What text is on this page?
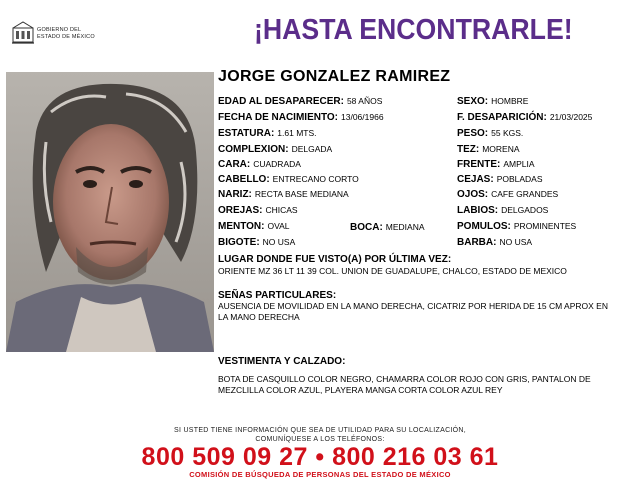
GOBIERNO DEL
ESTADO DE MÉXICO	¡HASTA ENCONTRARLE!
JORGE GONZALEZ RAMIREZ
EDAD AL DESAPARECER: 58 AÑOS
FECHA DE NACIMIENTO: 13/06/1966
ESTATURA: 1.61 MTS.
COMPLEXION: DELGADA
CARA: CUADRADA
CABELLO: ENTRECANO CORTO
NARIZ: RECTA BASE MEDIANA
OREJAS: CHICAS
MENTON: OVAL	BOCA: MEDIANA
BIGOTE: NO USA
SEXO: HOMBRE
F. DESAPARICIÓN: 21/03/2025
PESO: 55 KGS.
TEZ: MORENA
FRENTE: AMPLIA
CEJAS: POBLADAS
OJOS: CAFE GRANDES
LABIOS: DELGADOS
POMULOS: PROMINENTES
BARBA: NO USA
LUGAR DONDE FUE VISTO(A) POR ÚLTIMA VEZ:
ORIENTE MZ 36 LT 11 39 COL. UNION DE GUADALUPE, CHALCO, ESTADO DE MEXICO
SEÑAS PARTICULARES:
AUSENCIA DE MOVILIDAD EN LA MANO DERECHA, CICATRIZ POR HERIDA DE 15 CM APROX EN LA MANO DERECHA
VESTIMENTA Y CALZADO:
BOTA DE CASQUILLO COLOR NEGRO, CHAMARRA COLOR ROJO CON GRIS, PANTALON DE MEZCLILLA COLOR AZUL, PLAYERA MANGA CORTA COLOR AZUL REY
SI USTED TIENE INFORMACIÓN QUE SEA DE UTILIDAD PARA SU LOCALIZACIÓN,
COMUNÍQUESE A LOS TELÉFONOS:
800 509 09 27 • 800 216 03 61
COMISIÓN DE BÚSQUEDA DE PERSONAS DEL ESTADO DE MÉXICO
